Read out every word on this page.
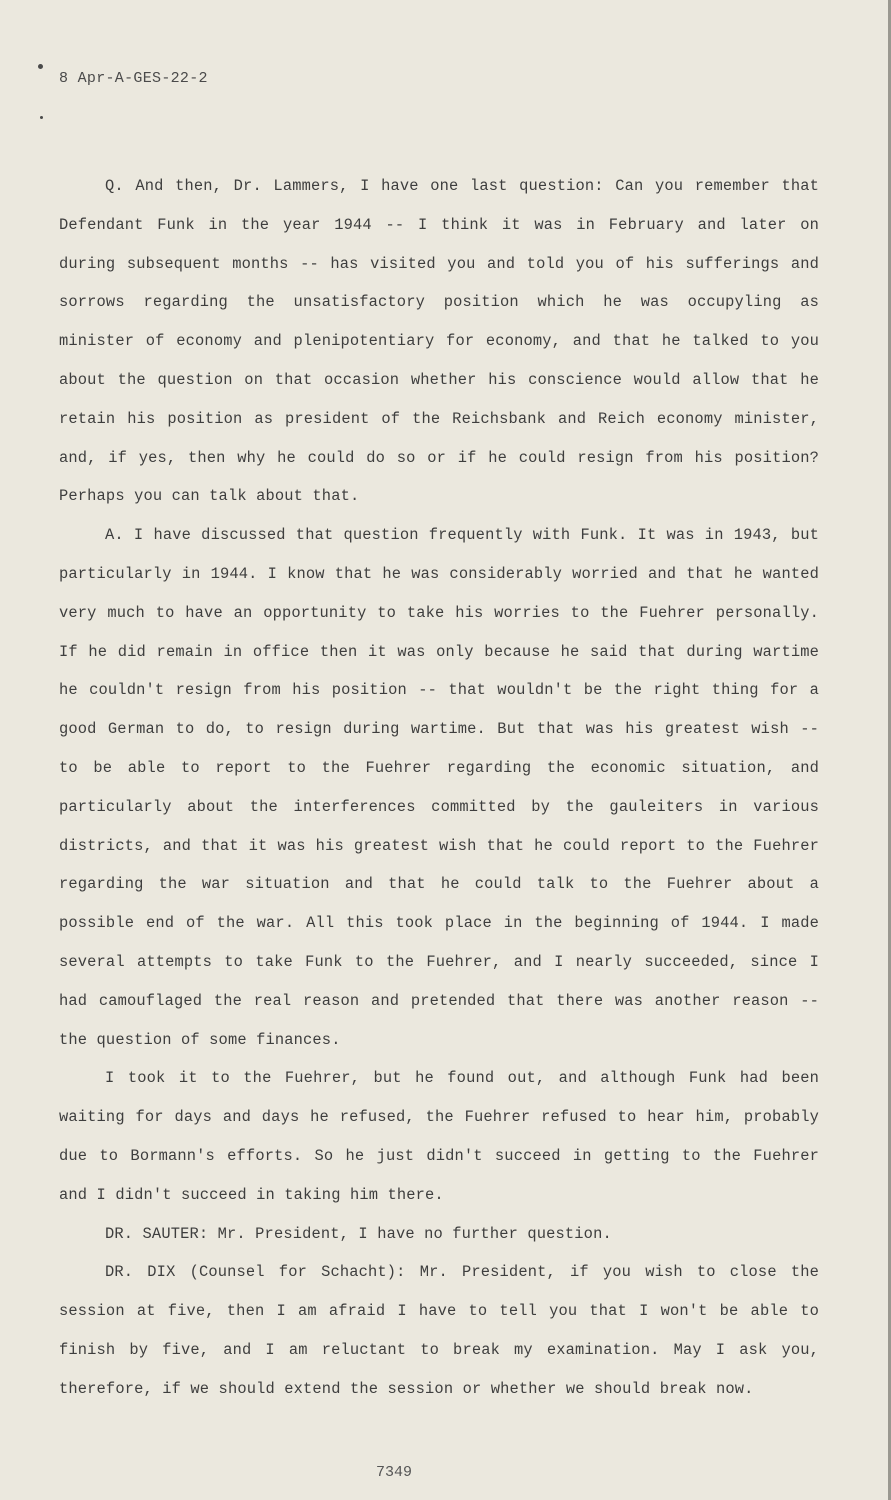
8 Apr-A-GES-22-2

Q. And then, Dr. Lammers, I have one last question: Can you remember that Defendant Funk in the year 1944 -- I think it was in February and later on during subsequent months -- has visited you and told you of his sufferings and sorrows regarding the unsatisfactory position which he was occupyling as minister of economy and plenipotentiary for economy, and that he talked to you about the question on that occasion whether his conscience would allow that he retain his position as president of the Reichsbank and Reich economy minister, and, if yes, then why he could do so or if he could resign from his position? Perhaps you can talk about that.

A. I have discussed that question frequently with Funk. It was in 1943, but particularly in 1944. I know that he was considerably worried and that he wanted very much to have an opportunity to take his worries to the Fuehrer personally. If he did remain in office then it was only because he said that during wartime he couldn't resign from his position -- that wouldn't be the right thing for a good German to do, to resign during wartime. But that was his greatest wish -- to be able to report to the Fuehrer regarding the economic situation, and particularly about the interferences committed by the gauleiters in various districts, and that it was his greatest wish that he could report to the Fuehrer regarding the war situation and that he could talk to the Fuehrer about a possible end of the war. All this took place in the beginning of 1944. I made several attempts to take Funk to the Fuehrer, and I nearly succeeded, since I had camouflaged the real reason and pretended that there was another reason -- the question of some finances.

I took it to the Fuehrer, but he found out, and although Funk had been waiting for days and days he refused, the Fuehrer refused to hear him, probably due to Bormann's efforts. So he just didn't succeed in getting to the Fuehrer and I didn't succeed in taking him there.

DR. SAUTER: Mr. President, I have no further question.

DR. DIX (Counsel for Schacht): Mr. President, if you wish to close the session at five, then I am afraid I have to tell you that I won't be able to finish by five, and I am reluctant to break my examination. May I ask you, therefore, if we should extend the session or whether we should break now.

7349
